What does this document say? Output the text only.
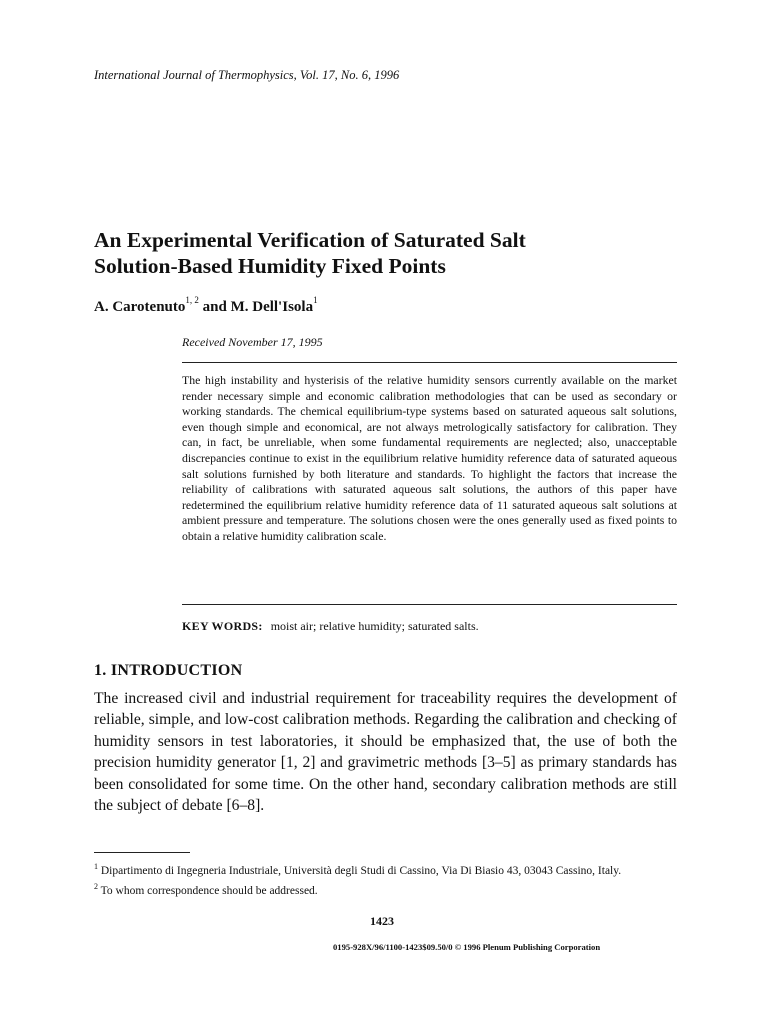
International Journal of Thermophysics, Vol. 17, No. 6, 1996
An Experimental Verification of Saturated Salt
Solution-Based Humidity Fixed Points
A. Carotenuto$^{1, 2}$ and M. Dell'Isola$^1$
Received November 17, 1995
The high instability and hysterisis of the relative humidity sensors currently available on the market render necessary simple and economic calibration methodologies that can be used as secondary or working standards. The chemical equilibrium-type systems based on saturated aqueous salt solutions, even though simple and economical, are not always metrologically satisfactory for calibration. They can, in fact, be unreliable, when some fundamental requirements are neglected; also, unacceptable discrepancies continue to exist in the equilibrium relative humidity reference data of saturated aqueous salt solutions furnished by both literature and standards. To highlight the factors that increase the reliability of calibrations with saturated aqueous salt solutions, the authors of this paper have redetermined the equilibrium relative humidity reference data of 11 saturated aqueous salt solutions at ambient pressure and temperature. The solutions chosen were the ones generally used as fixed points to obtain a relative humidity calibration scale.
KEY WORDS: moist air; relative humidity; saturated salts.
1. INTRODUCTION
The increased civil and industrial requirement for traceability requires the development of reliable, simple, and low-cost calibration methods. Regarding the calibration and checking of humidity sensors in test laboratories, it should be emphasized that, the use of both the precision humidity generator [1, 2] and gravimetric methods [3–5] as primary standards has been consolidated for some time. On the other hand, secondary calibration methods are still the subject of debate [6–8].
$^1$ Dipartimento di Ingegneria Industriale, Università degli Studi di Cassino, Via Di Biasio 43, 03043 Cassino, Italy.
$^2$ To whom correspondence should be addressed.
1423
0195-928X/96/1100-1423$09.50/0 © 1996 Plenum Publishing Corporation
